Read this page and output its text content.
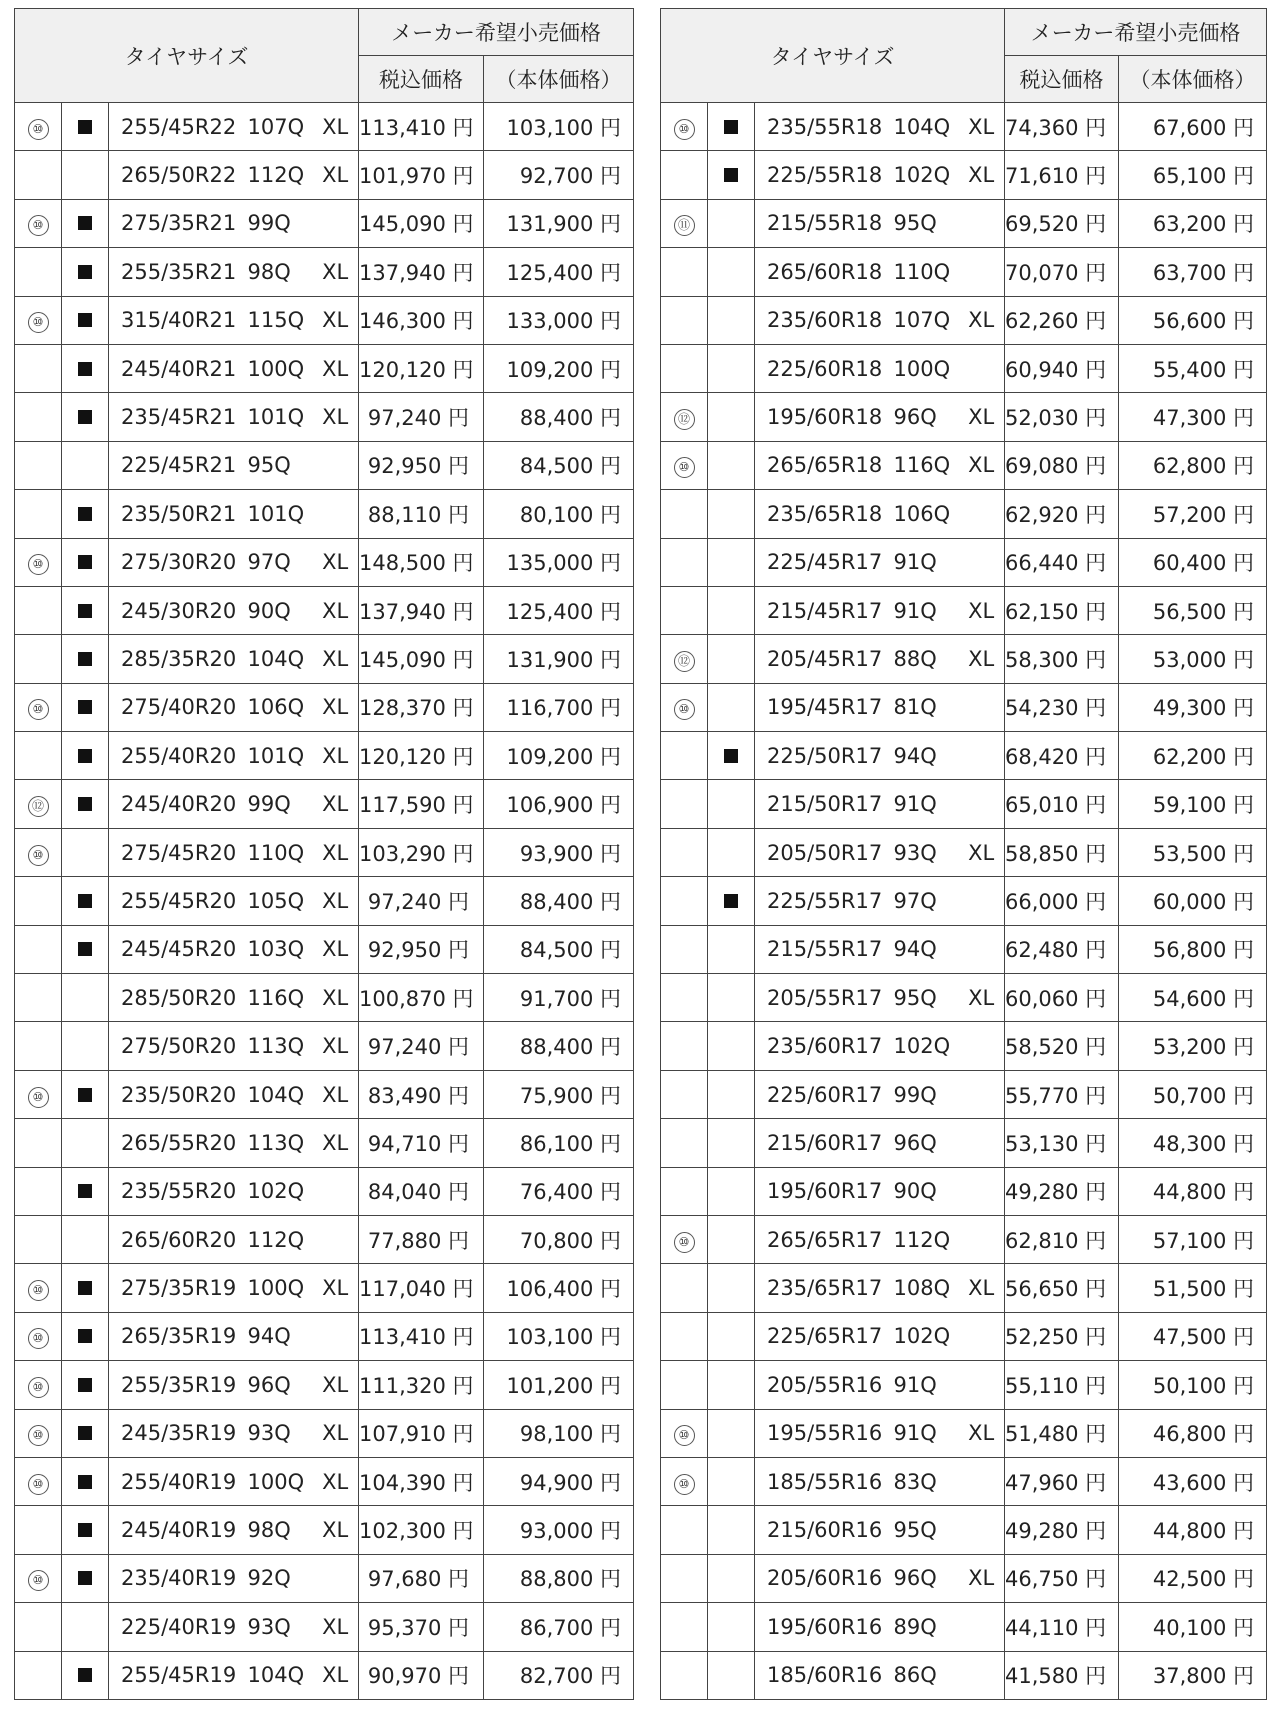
タイヤサイズ			メーカー希望小売価格	
			税込価格	（本体価格）
⑩		255/45R22 107Q XL	113,410 円	103,100 円

		265/50R22 112Q XL	101,970 円	92,700 円
⑩		275/35R21 99Q	145,090 円	131,900 円

		255/35R21 98Q XL	137,940 円	125,400 円
⑩		315/40R21 115Q XL	146,300 円	133,000 円

		245/40R21 100Q XL	120,120 円	109,200 円

		235/45R21 101Q XL	97,240 円	88,400 円

		225/45R21 95Q	92,950 円	84,500 円

		235/50R21 101Q	88,110 円	80,100 円
⑩		275/30R20 97Q XL	148,500 円	135,000 円

		245/30R20 90Q XL	137,940 円	125,400 円

		285/35R20 104Q XL	145,090 円	131,900 円
⑩		275/40R20 106Q XL	128,370 円	116,700 円

		255/40R20 101Q XL	120,120 円	109,200 円
⑫		245/40R20 99Q XL	117,590 円	106,900 円
⑩		275/45R20 110Q XL	103,290 円	93,900 円

		255/45R20 105Q XL	97,240 円	88,400 円

		245/45R20 103Q XL	92,950 円	84,500 円

		285/50R20 116Q XL	100,870 円	91,700 円

		275/50R20 113Q XL	97,240 円	88,400 円
⑩		235/50R20 104Q XL	83,490 円	75,900 円

		265/55R20 113Q XL	94,710 円	86,100 円

		235/55R20 102Q	84,040 円	76,400 円

		265/60R20 112Q	77,880 円	70,800 円
⑩		275/35R19 100Q XL	117,040 円	106,400 円
⑩		265/35R19 94Q	113,410 円	103,100 円
⑩		255/35R19 96Q XL	111,320 円	101,200 円
⑩		245/35R19 93Q XL	107,910 円	98,100 円
⑩		255/40R19 100Q XL	104,390 円	94,900 円

		245/40R19 98Q XL	102,300 円	93,000 円
⑩		235/40R19 92Q	97,680 円	88,800 円

		225/40R19 93Q XL	95,370 円	86,700 円

		255/45R19 104Q XL	90,970 円	82,700 円
タイヤサイズ			メーカー希望小売価格	
			税込価格	（本体価格）
⑩		235/55R18 104Q XL	74,360 円	67,600 円

		225/55R18 102Q XL	71,610 円	65,100 円
⑪		215/55R18 95Q	69,520 円	63,200 円

		265/60R18 110Q	70,070 円	63,700 円

		235/60R18 107Q XL	62,260 円	56,600 円

		225/60R18 100Q	60,940 円	55,400 円
⑫		195/60R18 96Q XL	52,030 円	47,300 円
⑩		265/65R18 116Q XL	69,080 円	62,800 円

		235/65R18 106Q	62,920 円	57,200 円

		225/45R17 91Q	66,440 円	60,400 円

		215/45R17 91Q XL	62,150 円	56,500 円
⑫		205/45R17 88Q XL	58,300 円	53,000 円
⑩		195/45R17 81Q	54,230 円	49,300 円

		225/50R17 94Q	68,420 円	62,200 円

		215/50R17 91Q	65,010 円	59,100 円

		205/50R17 93Q XL	58,850 円	53,500 円

		225/55R17 97Q	66,000 円	60,000 円

		215/55R17 94Q	62,480 円	56,800 円

		205/55R17 95Q XL	60,060 円	54,600 円

		235/60R17 102Q	58,520 円	53,200 円

		225/60R17 99Q	55,770 円	50,700 円

		215/60R17 96Q	53,130 円	48,300 円

		195/60R17 90Q	49,280 円	44,800 円
⑩		265/65R17 112Q	62,810 円	57,100 円

		235/65R17 108Q XL	56,650 円	51,500 円

		225/65R17 102Q	52,250 円	47,500 円

		205/55R16 91Q	55,110 円	50,100 円
⑩		195/55R16 91Q XL	51,480 円	46,800 円
⑩		185/55R16 83Q	47,960 円	43,600 円

		215/60R16 95Q	49,280 円	44,800 円

		205/60R16 96Q XL	46,750 円	42,500 円

		195/60R16 89Q	44,110 円	40,100 円

		185/60R16 86Q	41,580 円	37,800 円
